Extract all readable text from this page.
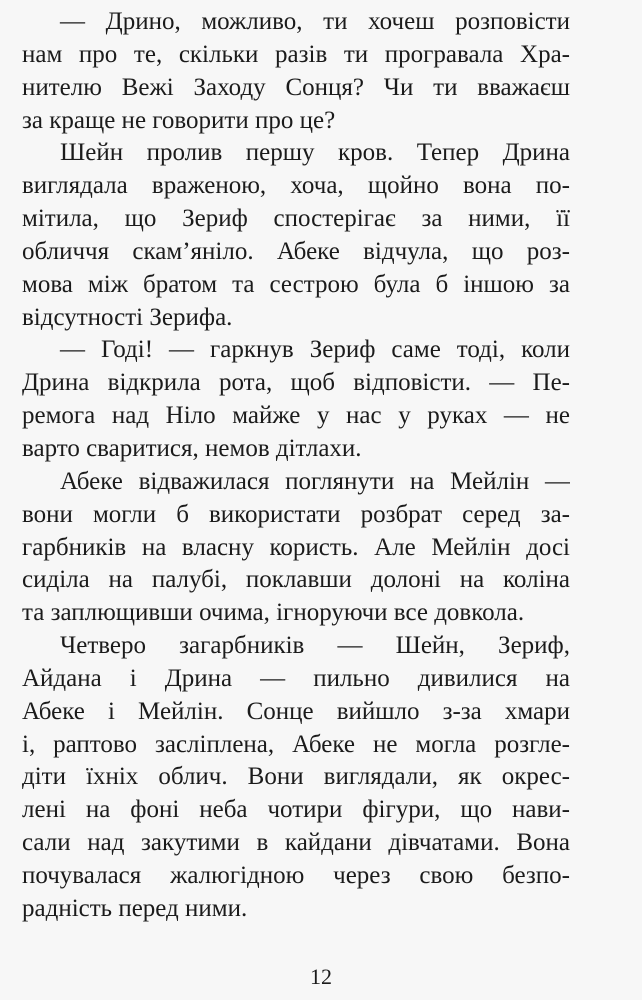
— Дрино, можливо, ти хочеш розповісти
нам про те, скільки разів ти програвала Хра-
нителю Вежі Заходу Сонця? Чи ти вважаєш
за краще не говорити про це?
Шейн пролив першу кров. Тепер Дрина
виглядала враженою, хоча, щойно вона по-
мітила, що Зериф спостерігає за ними, її
обличчя скам’яніло. Абеке відчула, що роз-
мова між братом та сестрою була б іншою за
відсутності Зерифа.
— Годі! — гаркнув Зериф саме тоді, коли
Дрина відкрила рота, щоб відповісти. — Пе-
ремога над Ніло майже у нас у руках — не
варто сваритися, немов дітлахи.
Абеке відважилася поглянути на Мейлін —
вони могли б використати розбрат серед за-
гарбників на власну користь. Але Мейлін досі
сиділа на палубі, поклавши долоні на коліна
та заплющивши очима, ігноруючи все довкола.
Четверо загарбників — Шейн, Зериф,
Айдана і Дрина — пильно дивилися на
Абеке і Мейлін. Сонце вийшло з-за хмари
і, раптово засліплена, Абеке не могла розгле-
діти їхніх облич. Вони виглядали, як окрес-
лені на фоні неба чотири фігури, що нави-
сали над закутими в кайдани дівчатами. Вона
почувалася жалюгідною через свою безпо-
радність перед ними.
12
